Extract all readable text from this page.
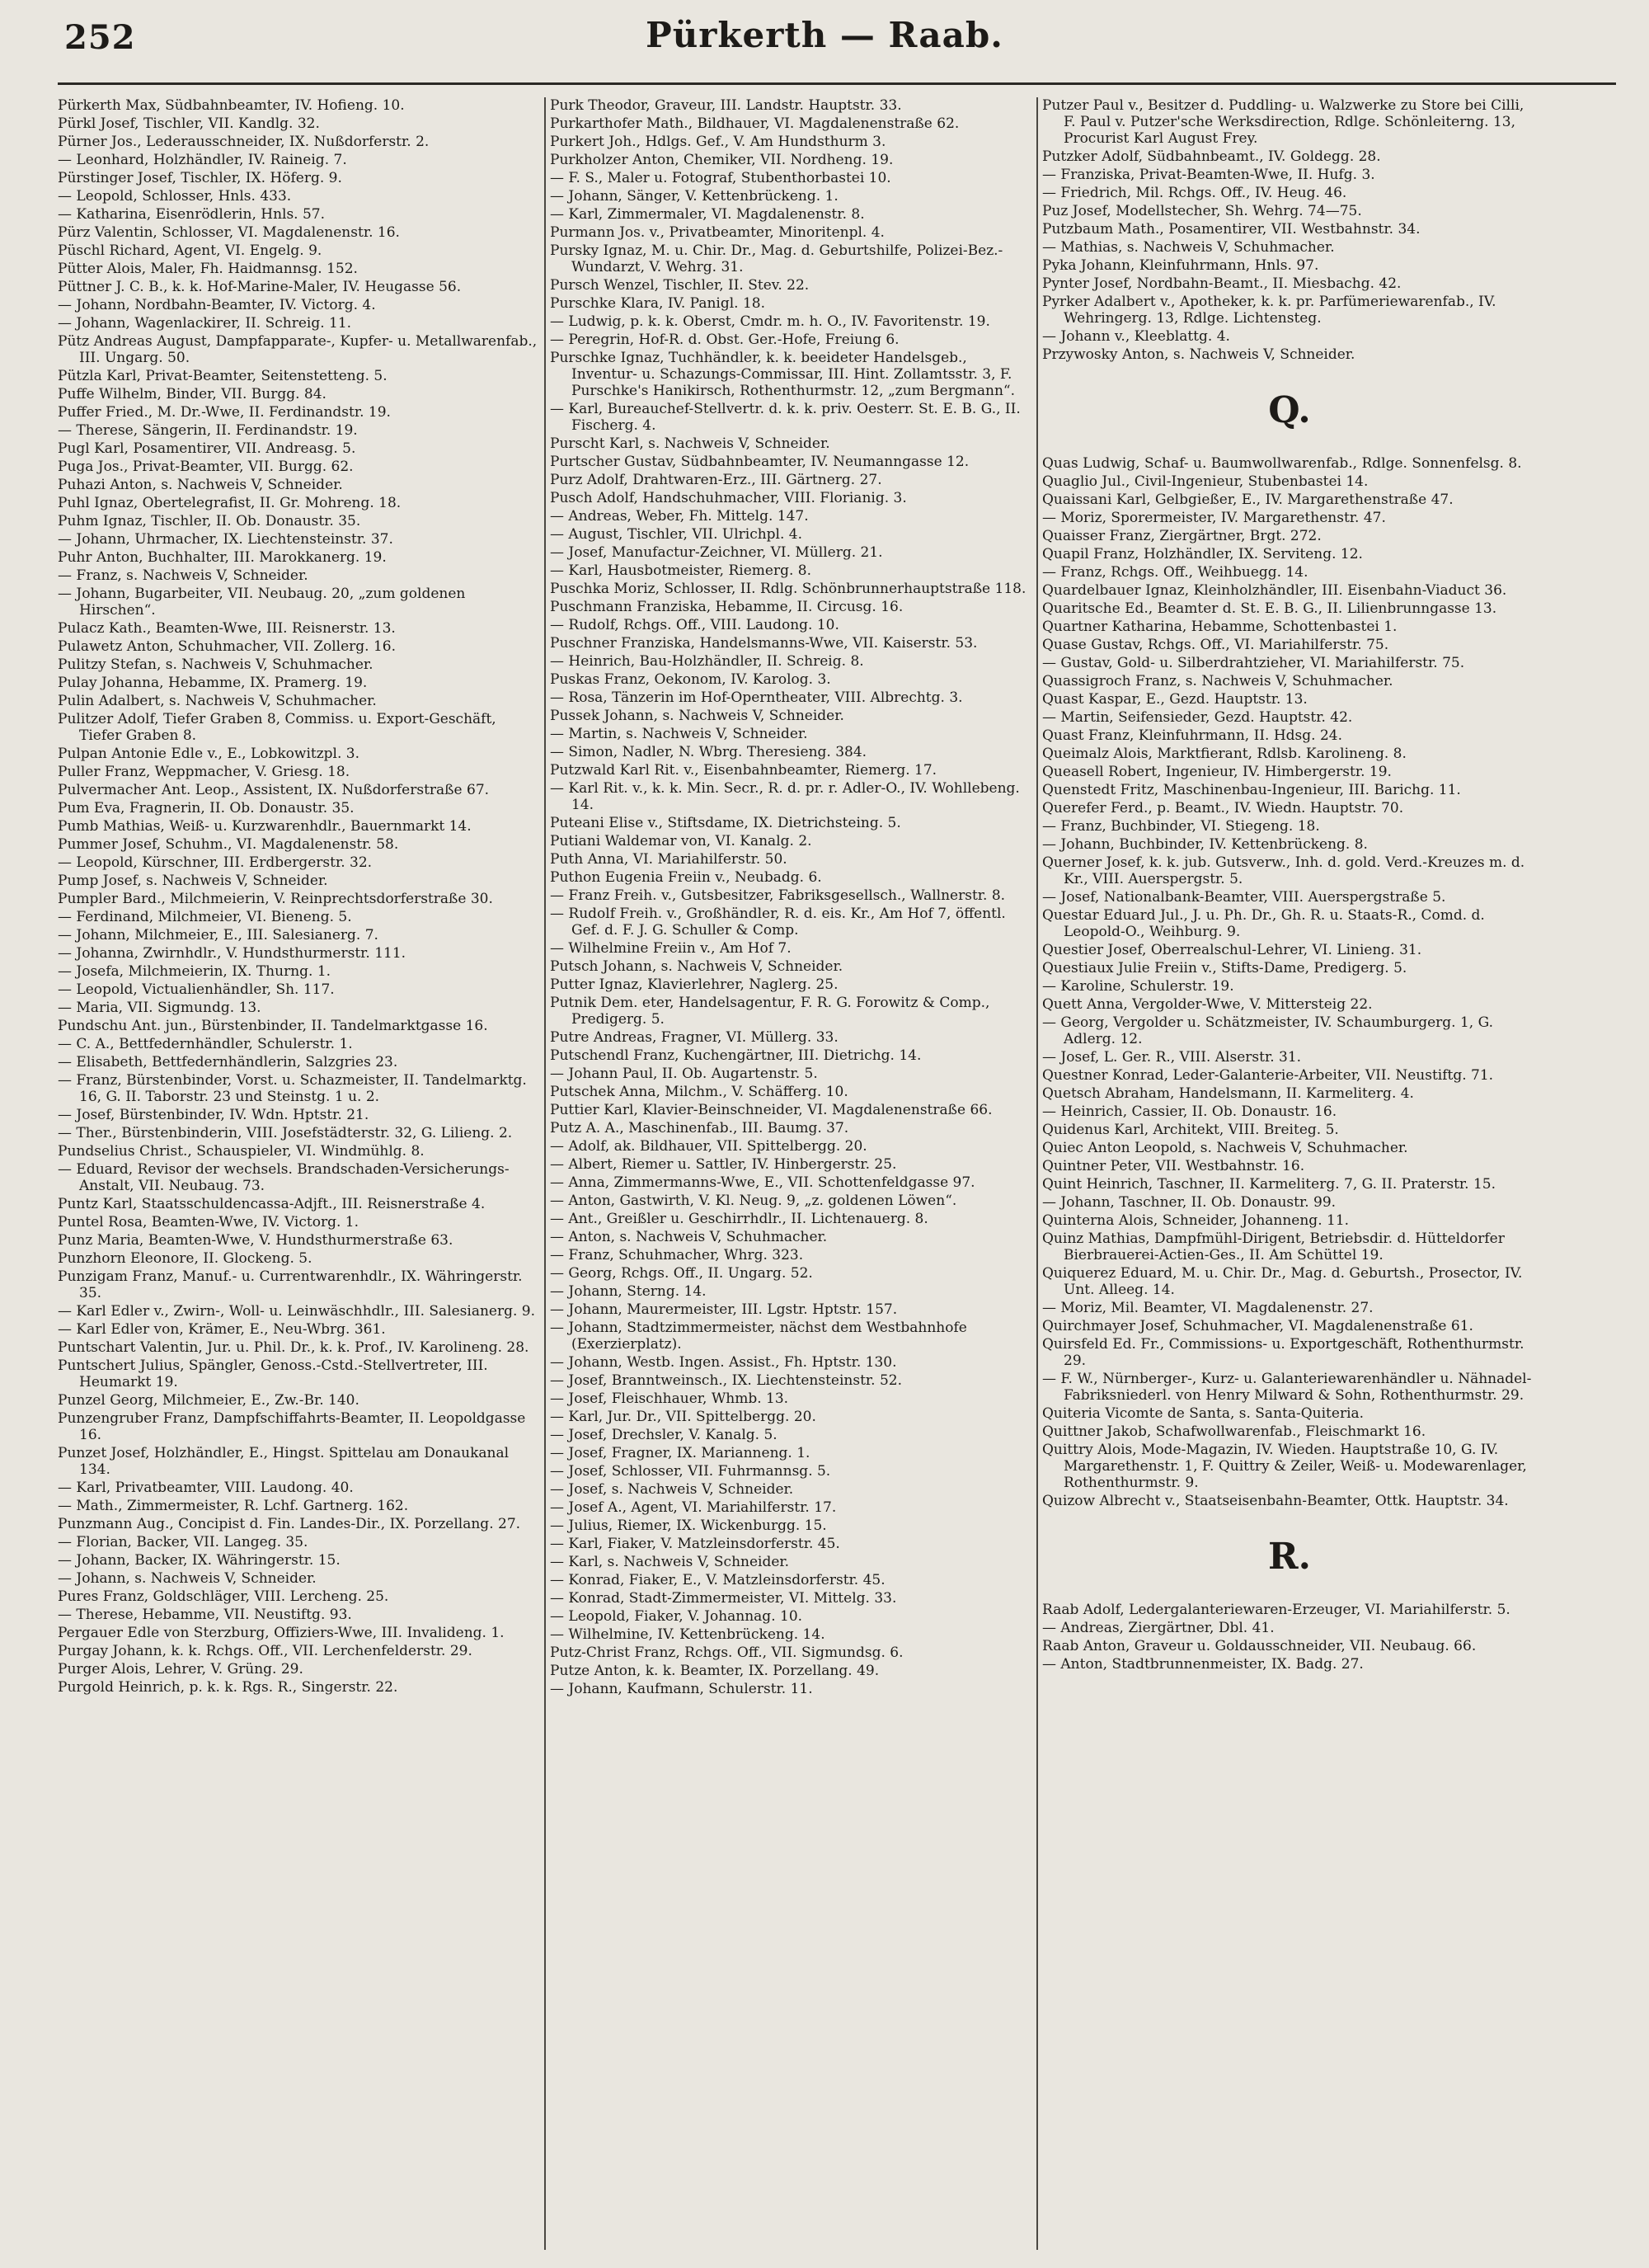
252	Pürkerth — Raab.
Pürkerth Max, Südbahnbeamter, IV. Hofieng. 10.
Pürkl Josef, Tischler, VII. Kandlg. 32.
Pürner Jos., Lederausschneider, IX. Nußdorferstr. 2.
— Leonhard, Holzhändler, IV. Raineig. 7.
Pürstinger Josef, Tischler, IX. Höferg. 9.
— Leopold, Schlosser, Hnls. 433.
— Katharina, Eisenrödlerin, Hnls. 57.
Pürz Valentin, Schlosser, VI. Magdalenenstr. 16.
Püschl Richard, Agent, VI. Engelg. 9.
Pütter Alois, Maler, Fh. Haidmannsg. 152.
Püttner J. C. B., k. k. Hof-Marine-Maler, IV. Heugasse 56.
— Johann, Nordbahn-Beamter, IV. Victorg. 4.
— Johann, Wagenlackirer, II. Schreig. 11.
Pütz Andreas August, Dampfapparate-, Kupfer- u. Metallwarenfab., III. Ungarg. 50.
Pützla Karl, Privat-Beamter, Seitenstetteng. 5.
Puffe Wilhelm, Binder, VII. Burgg. 84.
Puffer Fried., M. Dr.-Wwe, II. Ferdinandstr. 19.
— Therese, Sängerin, II. Ferdinandstr. 19.
Pugl Karl, Posamentirer, VII. Andreasg. 5.
Puga Jos., Privat-Beamter, VII. Burgg. 62.
Puhazi Anton, s. Nachweis V, Schneider.
Puhl Ignaz, Obertelegrafist, II. Gr. Mohreng. 18.
Puhm Ignaz, Tischler, II. Ob. Donaustr. 35.
— Johann, Uhrmacher, IX. Liechtensteinstr. 37.
Puhr Anton, Buchhalter, III. Marokkanerg. 19.
— Franz, s. Nachweis V, Schneider.
— Johann, Bugarbeiter, VII. Neubaug. 20, „zum goldenen Hirschen“.
Pulacz Kath., Beamten-Wwe, III. Reisnerstr. 13.
Pulawetz Anton, Schuhmacher, VII. Zollerg. 16.
Pulitzy Stefan, s. Nachweis V, Schuhmacher.
Pulay Johanna, Hebamme, IX. Pramerg. 19.
Pulin Adalbert, s. Nachweis V, Schuhmacher.
Pulitzer Adolf, Tiefer Graben 8, Commiss. u. Export-Geschäft, Tiefer Graben 8.
Pulpan Antonie Edle v., E., Lobkowitzpl. 3.
Puller Franz, Weppmacher, V. Griesg. 18.
Pulvermacher Ant. Leop., Assistent, IX. Nußdorferstraße 67.
Pum Eva, Fragnerin, II. Ob. Donaustr. 35.
Pumb Mathias, Weiß- u. Kurzwarenhdlr., Bauernmarkt 14.
Pummer Josef, Schuhm., VI. Magdalenenstr. 58.
— Leopold, Kürschner, III. Erdbergerstr. 32.
Pump Josef, s. Nachweis V, Schneider.
Pumpler Bard., Milchmeierin, V. Reinprechtsdorferstraße 30.
— Ferdinand, Milchmeier, VI. Bieneng. 5.
— Johann, Milchmeier, E., III. Salesianerg. 7.
— Johanna, Zwirnhdlr., V. Hundsthurmerstr. 111.
— Josefa, Milchmeierin, IX. Thurng. 1.
— Leopold, Victualienhändler, Sh. 117.
— Maria, VII. Sigmundg. 13.
Pundschu Ant. jun., Bürstenbinder, II. Tandelmarktgasse 16.
— C. A., Bettfedernhändler, Schulerstr. 1.
— Elisabeth, Bettfedernhändlerin, Salzgries 23.
— Franz, Bürstenbinder, Vorst. u. Schazmeister, II. Tandelmarktg. 16, G. II. Taborstr. 23 und Steinstg. 1 u. 2.
— Josef, Bürstenbinder, IV. Wdn. Hptstr. 21.
— Ther., Bürstenbinderin, VIII. Josefstädterstr. 32, G. Lilieng. 2.
Pundselius Christ., Schauspieler, VI. Windmühlg. 8.
— Eduard, Revisor der wechsels. Brandschaden-Versicherungs-Anstalt, VII. Neubaug. 73.
Puntz Karl, Staatsschuldencassa-Adjft., III. Reisnerstraße 4.
Puntel Rosa, Beamten-Wwe, IV. Victorg. 1.
Punz Maria, Beamten-Wwe, V. Hundsthurmerstraße 63.
Punzhorn Eleonore, II. Glockeng. 5.
Punzigam Franz, Manuf.- u. Currentwarenhdlr., IX. Währingerstr. 35.
— Karl Edler v., Zwirn-, Woll- u. Leinwäschhdlr., III. Salesianerg. 9.
— Karl Edler von, Krämer, E., Neu-Wbrg. 361.
Puntschart Valentin, Jur. u. Phil. Dr., k. k. Prof., IV. Karolineng. 28.
Puntschert Julius, Spängler, Genoss.-Cstd.-Stellvertreter, III. Heumarkt 19.
Punzel Georg, Milchmeier, E., Zw.-Br. 140.
Punzengruber Franz, Dampfschiffahrts-Beamter, II. Leopoldgasse 16.
Punzet Josef, Holzhändler, E., Hingst. Spittelau am Donaukanal 134.
— Karl, Privatbeamter, VIII. Laudong. 40.
— Math., Zimmermeister, R. Lchf. Gartnerg. 162.
Punzmann Aug., Concipist d. Fin. Landes-Dir., IX. Porzellang. 27.
— Florian, Backer, VII. Langeg. 35.
— Johann, Backer, IX. Währingerstr. 15.
— Johann, s. Nachweis V, Schneider.
Pures Franz, Goldschläger, VIII. Lercheng. 25.
— Therese, Hebamme, VII. Neustiftg. 93.
Pergauer Edle von Sterzburg, Offiziers-Wwe, III. Invalideng. 1.
Purgay Johann, k. k. Rchgs. Off., VII. Lerchenfelderstr. 29.
Purger Alois, Lehrer, V. Grüng. 29.
Purgold Heinrich, p. k. k. Rgs. R., Singerstr. 22.
Purk Theodor, Graveur, III. Landstr. Hauptstr. 33.
Purkarthofer Math., Bildhauer, VI. Magdalenenstraße 62.
Purkert Joh., Hdlgs. Gef., V. Am Hundsthurm 3.
Purkholzer Anton, Chemiker, VII. Nordheng. 19.
— F. S., Maler u. Fotograf, Stubenthorbastei 10.
— Johann, Sänger, V. Kettenbrückeng. 1.
— Karl, Zimmermaler, VI. Magdalenenstr. 8.
Purmann Jos. v., Privatbeamter, Minoritenpl. 4.
Pursky Ignaz, M. u. Chir. Dr., Mag. d. Geburtshilfe, Polizei-Bez.-Wundarzt, V. Wehrg. 31.
Pursch Wenzel, Tischler, II. Stev. 22.
Purschke Klara, IV. Panigl. 18.
— Ludwig, p. k. k. Oberst, Cmdr. m. h. O., IV. Favoritenstr. 19.
— Peregrin, Hof-R. d. Obst. Ger.-Hofe, Freiung 6.
Purschke Ignaz, Tuchhändler, k. k. beeideter Handelsgeb., Inventur- u. Schazungs-Commissar, III. Hint. Zollamtsstr. 3, F. Purschke's Hanikirsch, Rothenthurmstr. 12, „zum Bergmann“.
— Karl, Bureauchef-Stellvertr. d. k. k. priv. Oesterr. St. E. B. G., II. Fischerg. 4.
Purscht Karl, s. Nachweis V, Schneider.
Purtscher Gustav, Südbahnbeamter, IV. Neumanngasse 12.
Purz Adolf, Drahtwaren-Erz., III. Gärtnerg. 27.
Pusch Adolf, Handschuhmacher, VIII. Florianig. 3.
— Andreas, Weber, Fh. Mittelg. 147.
— August, Tischler, VII. Ulrichpl. 4.
— Josef, Manufactur-Zeichner, VI. Müllerg. 21.
— Karl, Hausbotmeister, Riemerg. 8.
Puschka Moriz, Schlosser, II. Rdlg. Schönbrunnerhauptstraße 118.
Puschmann Franziska, Hebamme, II. Circusg. 16.
— Rudolf, Rchgs. Off., VIII. Laudong. 10.
Puschner Franziska, Handelsmanns-Wwe, VII. Kaiserstr. 53.
— Heinrich, Bau-Holzhändler, II. Schreig. 8.
Puskas Franz, Oekonom, IV. Karolog. 3.
— Rosa, Tänzerin im Hof-Operntheater, VIII. Albrechtg. 3.
Pussek Johann, s. Nachweis V, Schneider.
— Martin, s. Nachweis V, Schneider.
— Simon, Nadler, N. Wbrg. Theresieng. 384.
Putzwald Karl Rit. v., Eisenbahnbeamter, Riemerg. 17.
— Karl Rit. v., k. k. Min. Secr., R. d. pr. r. Adler-O., IV. Wohllebeng. 14.
Puteani Elise v., Stiftsdame, IX. Dietrichsteing. 5.
Putiani Waldemar von, VI. Kanalg. 2.
Puth Anna, VI. Mariahilferstr. 50.
Puthon Eugenia Freiin v., Neubadg. 6.
— Franz Freih. v., Gutsbesitzer, Fabriksgesellsch., Wallnerstr. 8.
— Rudolf Freih. v., Großhändler, R. d. eis. Kr., Am Hof 7, öffentl. Gef. d. F. J. G. Schuller & Comp.
— Wilhelmine Freiin v., Am Hof 7.
Putsch Johann, s. Nachweis V, Schneider.
Putter Ignaz, Klavierlehrer, Naglerg. 25.
Putnik Dem. eter, Handelsagentur, F. R. G. Forowitz & Comp., Predigerg. 5.
Putre Andreas, Fragner, VI. Müllerg. 33.
Putschendl Franz, Kuchengärtner, III. Dietrichg. 14.
— Johann Paul, II. Ob. Augartenstr. 5.
Putschek Anna, Milchm., V. Schäfferg. 10.
Puttier Karl, Klavier-Beinschneider, VI. Magdalenenstraße 66.
Putz A. A., Maschinenfab., III. Baumg. 37.
— Adolf, ak. Bildhauer, VII. Spittelbergg. 20.
— Albert, Riemer u. Sattler, IV. Hinbergerstr. 25.
— Anna, Zimmermanns-Wwe, E., VII. Schottenfeldgasse 97.
— Anton, Gastwirth, V. Kl. Neug. 9, „z. goldenen Löwen“.
— Ant., Greißler u. Geschirrhdlr., II. Lichtenauerg. 8.
— Anton, s. Nachweis V, Schuhmacher.
— Franz, Schuhmacher, Whrg. 323.
— Georg, Rchgs. Off., II. Ungarg. 52.
— Johann, Sterng. 14.
— Johann, Maurermeister, III. Lgstr. Hptstr. 157.
— Johann, Stadtzimmermeister, nächst dem Westbahnhofe (Exerzierplatz).
— Johann, Westb. Ingen. Assist., Fh. Hptstr. 130.
— Josef, Branntweinsch., IX. Liechtensteinstr. 52.
— Josef, Fleischhauer, Whmb. 13.
— Karl, Jur. Dr., VII. Spittelbergg. 20.
— Josef, Drechsler, V. Kanalg. 5.
— Josef, Fragner, IX. Marianneng. 1.
— Josef, Schlosser, VII. Fuhrmannsg. 5.
— Josef, s. Nachweis V, Schneider.
— Josef A., Agent, VI. Mariahilferstr. 17.
— Julius, Riemer, IX. Wickenburgg. 15.
— Karl, Fiaker, V. Matzleinsdorferstr. 45.
— Karl, s. Nachweis V, Schneider.
— Konrad, Fiaker, E., V. Matzleinsdorferstr. 45.
— Konrad, Stadt-Zimmermeister, VI. Mittelg. 33.
— Leopold, Fiaker, V. Johannag. 10.
— Wilhelmine, IV. Kettenbrückeng. 14.
Putz-Christ Franz, Rchgs. Off., VII. Sigmundsg. 6.
Putze Anton, k. k. Beamter, IX. Porzellang. 49.
— Johann, Kaufmann, Schulerstr. 11.
Putzer Paul v., Besitzer d. Puddling- u. Walzwerke zu Store bei Cilli, F. Paul v. Putzer'sche Werksdirection, Rdlge. Schönleiterng. 13, Procurist Karl August Frey.
Putzker Adolf, Südbahnbeamt., IV. Goldegg. 28.
— Franziska, Privat-Beamten-Wwe, II. Hufg. 3.
— Friedrich, Mil. Rchgs. Off., IV. Heug. 46.
Puz Josef, Modellstecher, Sh. Wehrg. 74—75.
Putzbaum Math., Posamentirer, VII. Westbahnstr. 34.
— Mathias, s. Nachweis V, Schuhmacher.
Pyka Johann, Kleinfuhrmann, Hnls. 97.
Pynter Josef, Nordbahn-Beamt., II. Miesbachg. 42.
Pyrker Adalbert v., Apotheker, k. k. pr. Parfümeriewarenfab., IV. Wehringerg. 13, Rdlge. Lichtensteg.
— Johann v., Kleeblattg. 4.
Przywosky Anton, s. Nachweis V, Schneider.
Q.
Quas Ludwig, Schaf- u. Baumwollwarenfab., Rdlge. Sonnenfelsg. 8.
Quaglio Jul., Civil-Ingenieur, Stubenbastei 14.
Quaissani Karl, Gelbgießer, E., IV. Margarethenstraße 47.
— Moriz, Sporermeister, IV. Margarethenstr. 47.
Quaisser Franz, Ziergärtner, Brgt. 272.
Quapil Franz, Holzhändler, IX. Serviteng. 12.
— Franz, Rchgs. Off., Weihbuegg. 14.
Quardelbauer Ignaz, Kleinholzhändler, III. Eisenbahn-Viaduct 36.
Quaritsche Ed., Beamter d. St. E. B. G., II. Lilienbrunngasse 13.
Quartner Katharina, Hebamme, Schottenbastei 1.
Quase Gustav, Rchgs. Off., VI. Mariahilferstr. 75.
— Gustav, Gold- u. Silberdrahtzieher, VI. Mariahilferstr. 75.
Quassigroch Franz, s. Nachweis V, Schuhmacher.
Quast Kaspar, E., Gezd. Hauptstr. 13.
— Martin, Seifensieder, Gezd. Hauptstr. 42.
Quast Franz, Kleinfuhrmann, II. Hdsg. 24.
Queimalz Alois, Marktfierant, Rdlsb. Karolineng. 8.
Queasell Robert, Ingenieur, IV. Himbergerstr. 19.
Quenstedt Fritz, Maschinenbau-Ingenieur, III. Barichg. 11.
Querefer Ferd., p. Beamt., IV. Wiedn. Hauptstr. 70.
— Franz, Buchbinder, VI. Stiegeng. 18.
— Johann, Buchbinder, IV. Kettenbrückeng. 8.
Querner Josef, k. k. jub. Gutsverw., Inh. d. gold. Verd.-Kreuzes m. d. Kr., VIII. Auerspergstr. 5.
— Josef, Nationalbank-Beamter, VIII. Auerspergstraße 5.
Questar Eduard Jul., J. u. Ph. Dr., Gh. R. u. Staats-R., Comd. d. Leopold-O., Weihburg. 9.
Questier Josef, Oberrealschul-Lehrer, VI. Linieng. 31.
Questiaux Julie Freiin v., Stifts-Dame, Predigerg. 5.
— Karoline, Schulerstr. 19.
Quett Anna, Vergolder-Wwe, V. Mittersteig 22.
— Georg, Vergolder u. Schätzmeister, IV. Schaumburgerg. 1, G. Adlerg. 12.
— Josef, L. Ger. R., VIII. Alserstr. 31.
Questner Konrad, Leder-Galanterie-Arbeiter, VII. Neustiftg. 71.
Quetsch Abraham, Handelsmann, II. Karmeliterg. 4.
— Heinrich, Cassier, II. Ob. Donaustr. 16.
Quidenus Karl, Architekt, VIII. Breiteg. 5.
Quiec Anton Leopold, s. Nachweis V, Schuhmacher.
Quintner Peter, VII. Westbahnstr. 16.
Quint Heinrich, Taschner, II. Karmeliterg. 7, G. II. Praterstr. 15.
— Johann, Taschner, II. Ob. Donaustr. 99.
Quinterna Alois, Schneider, Johanneng. 11.
Quinz Mathias, Dampfmühl-Dirigent, Betriebsdir. d. Hütteldorfer Bierbrauerei-Actien-Ges., II. Am Schüttel 19.
Quiquerez Eduard, M. u. Chir. Dr., Mag. d. Geburtsh., Prosector, IV. Unt. Alleeg. 14.
— Moriz, Mil. Beamter, VI. Magdalenenstr. 27.
Quirchmayer Josef, Schuhmacher, VI. Magdalenenstraße 61.
Quirsfeld Ed. Fr., Commissions- u. Exportgeschäft, Rothenthurmstr. 29.
— F. W., Nürnberger-, Kurz- u. Galanteriewarenhändler u. Nähnadel-Fabriksniederl. von Henry Milward & Sohn, Rothenthurmstr. 29.
Quiteria Vicomte de Santa, s. Santa-Quiteria.
Quittner Jakob, Schafwollwarenfab., Fleischmarkt 16.
Quittry Alois, Mode-Magazin, IV. Wieden. Hauptstraße 10, G. IV. Margarethenstr. 1, F. Quittry & Zeiler, Weiß- u. Modewarenlager, Rothenthurmstr. 9.
Quizow Albrecht v., Staatseisenbahn-Beamter, Ottk. Hauptstr. 34.
R.
Raab Adolf, Ledergalanteriewaren-Erzeuger, VI. Mariahilferstr. 5.
— Andreas, Ziergärtner, Dbl. 41.
Raab Anton, Graveur u. Goldausschneider, VII. Neubaug. 66.
— Anton, Stadtbrunnenmeister, IX. Badg. 27.
